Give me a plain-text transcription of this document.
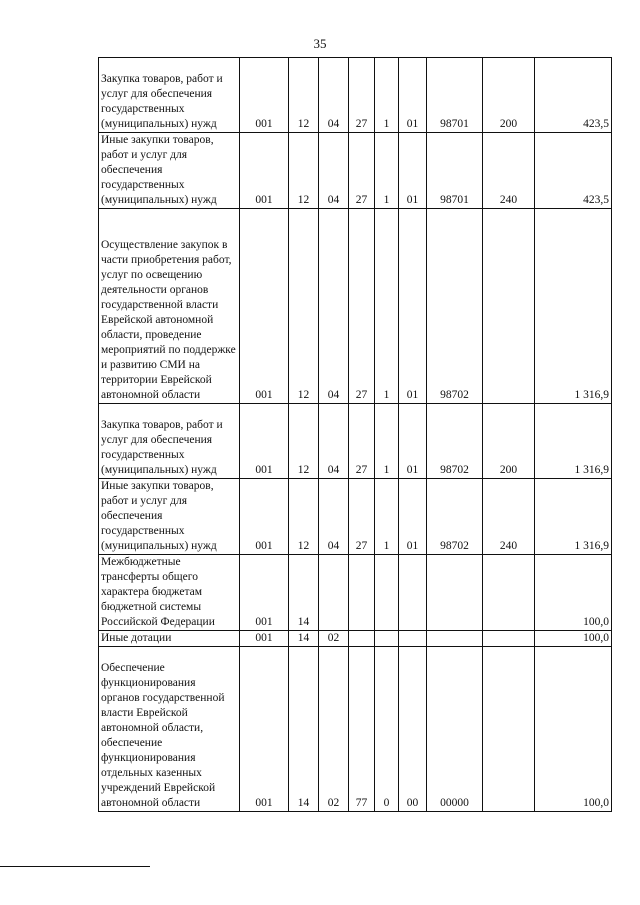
35
Закупка товаров, работ и услуг для обеспечения государственных (муниципальных) нужд	001	12	04	27	1	01	98701	200	423,5
Иные закупки товаров, работ и услуг для обеспечения государственных (муниципальных) нужд	001	12	04	27	1	01	98701	240	423,5
Осуществление закупок в части приобретения работ, услуг по освещению деятельности органов государственной власти Еврейской автономной области, проведение мероприятий по поддержке и развитию СМИ на территории Еврейской автономной области	001	12	04	27	1	01	98702		1 316,9
Закупка товаров, работ и услуг для обеспечения государственных (муниципальных) нужд	001	12	04	27	1	01	98702	200	1 316,9
Иные закупки товаров, работ и услуг для обеспечения государственных (муниципальных) нужд	001	12	04	27	1	01	98702	240	1 316,9
Межбюджетные трансферты общего характера бюджетам бюджетной системы Российской Федерации	001	14							100,0
Иные дотации	001	14	02						100,0
Обеспечение функционирования органов государственной власти Еврейской автономной области, обеспечение функционирования отдельных казенных учреждений Еврейской автономной области	001	14	02	77	0	00	00000		100,0
